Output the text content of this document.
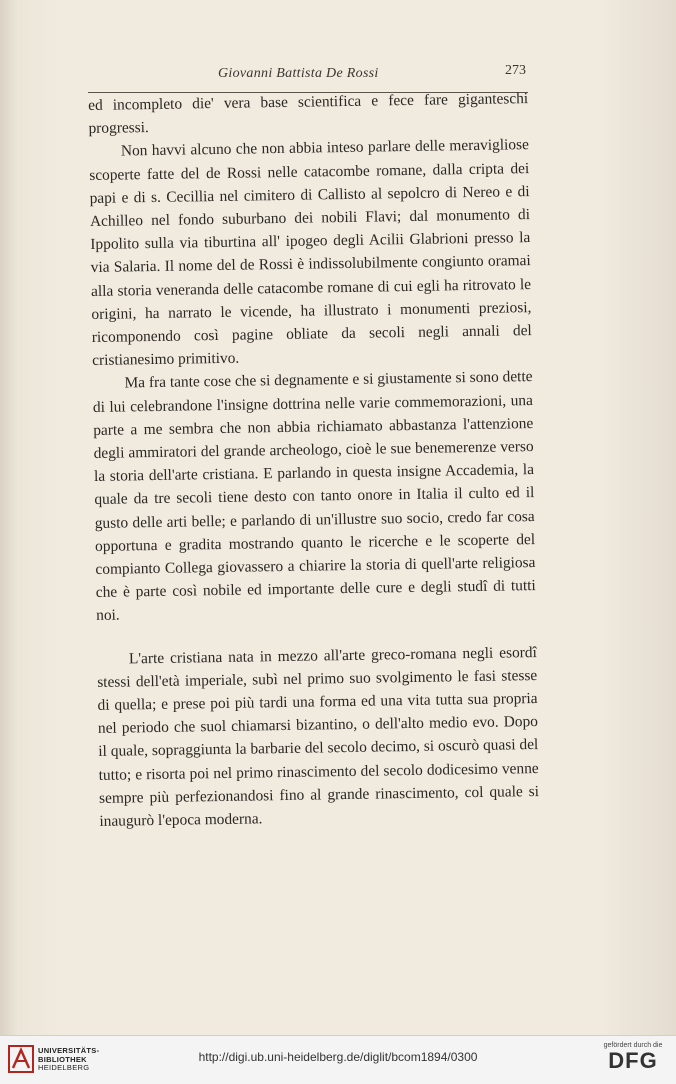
Giovanni Battista De Rossi	273

ed incompleto die' vera base scientifica e fece fare giganteschi progressi.

Non havvi alcuno che non abbia inteso parlare delle meravigliose scoperte fatte del de Rossi nelle catacombe romane, dalla cripta dei papi e di s. Cecillia nel cimitero di Callisto al sepolcro di Nereo e di Achilleo nel fondo suburbano dei nobili Flavi; dal monumento di Ippolito sulla via tiburtina all' ipogeo degli Acilii Glabrioni presso la via Salaria. Il nome del de Rossi è indissolubilmente congiunto oramai alla storia veneranda delle catacombe romane di cui egli ha ritrovato le origini, ha narrato le vicende, ha illustrato i monumenti preziosi, ricomponendo così pagine obliate da secoli negli annali del cristianesimo primitivo.

Ma fra tante cose che si degnamente e si giustamente si sono dette di lui celebrandone l'insigne dottrina nelle varie commemorazioni, una parte a me sembra che non abbia richiamato abbastanza l'attenzione degli ammiratori del grande archeologo, cioè le sue benemerenze verso la storia dell'arte cristiana. E parlando in questa insigne Accademia, la quale da tre secoli tiene desto con tanto onore in Italia il culto ed il gusto delle arti belle; e parlando di un'illustre suo socio, credo far cosa opportuna e gradita mostrando quanto le ricerche e le scoperte del compianto Collega giovassero a chiarire la storia di quell'arte religiosa che è parte così nobile ed importante delle cure e degli studî di tutti noi.

L'arte cristiana nata in mezzo all'arte greco-romana negli esordî stessi dell'età imperiale, subì nel primo suo svolgimento le fasi stesse di quella; e prese poi più tardi una forma ed una vita tutta sua propria nel periodo che suol chiamarsi bizantino, o dell'alto medio evo. Dopo il quale, sopraggiunta la barbarie del secolo decimo, si oscurò quasi del tutto; e risorta poi nel primo rinascimento del secolo dodicesimo venne sempre più perfezionandosi fino al grande rinascimento, col quale si inaugurò l'epoca moderna.

UNIVERSITÄTS-
BIBLIOTHEK
HEIDELBERG
http://digi.ub.uni-heidelberg.de/diglit/bcom1894/0300
gefördert durch die
DFG
